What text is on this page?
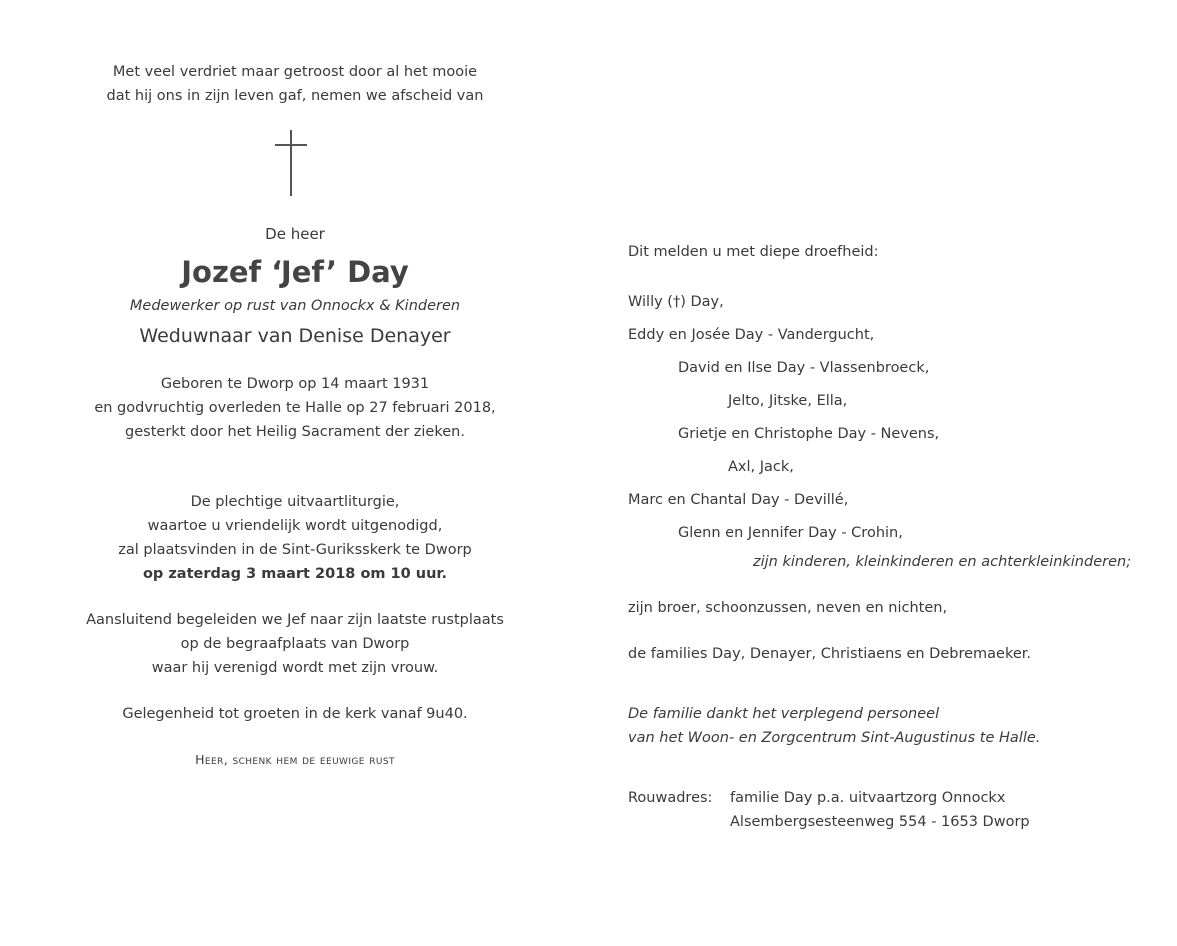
Met veel verdriet maar getroost door al het mooie
dat hij ons in zijn leven gaf, nemen we afscheid van
De heer
Jozef ‘Jef’ Day
Medewerker op rust van Onnockx & Kinderen
Weduwnaar van Denise Denayer
Geboren te Dworp op 14 maart 1931
en godvruchtig overleden te Halle op 27 februari 2018,
gesterkt door het Heilig Sacrament der zieken.
De plechtige uitvaartliturgie,
waartoe u vriendelijk wordt uitgenodigd,
zal plaatsvinden in de Sint-Guriksskerk te Dworp
op zaterdag 3 maart 2018 om 10 uur.
Aansluitend begeleiden we Jef naar zijn laatste rustplaats
op de begraafplaats van Dworp
waar hij verenigd wordt met zijn vrouw.
Gelegenheid tot groeten in de kerk vanaf 9u40.
Heer, schenk hem de eeuwige rust
Dit melden u met diepe droefheid:
Willy (†) Day,
Eddy en Josée Day - Vandergucht,
David en Ilse Day - Vlassenbroeck,
Jelto, Jitske, Ella,
Grietje en Christophe Day - Nevens,
Axl, Jack,
Marc en Chantal Day - Devillé,
Glenn en Jennifer Day - Crohin,
zijn kinderen, kleinkinderen en achterkleinkinderen;
zijn broer, schoonzussen, neven en nichten,
de families Day, Denayer, Christiaens en Debremaeker.
De familie dankt het verplegend personeel
van het Woon- en Zorgcentrum Sint-Augustinus te Halle.
Rouwadres:	familie Day p.a. uitvaartzorg Onnockx
Alsembergsesteenweg 554 - 1653 Dworp
